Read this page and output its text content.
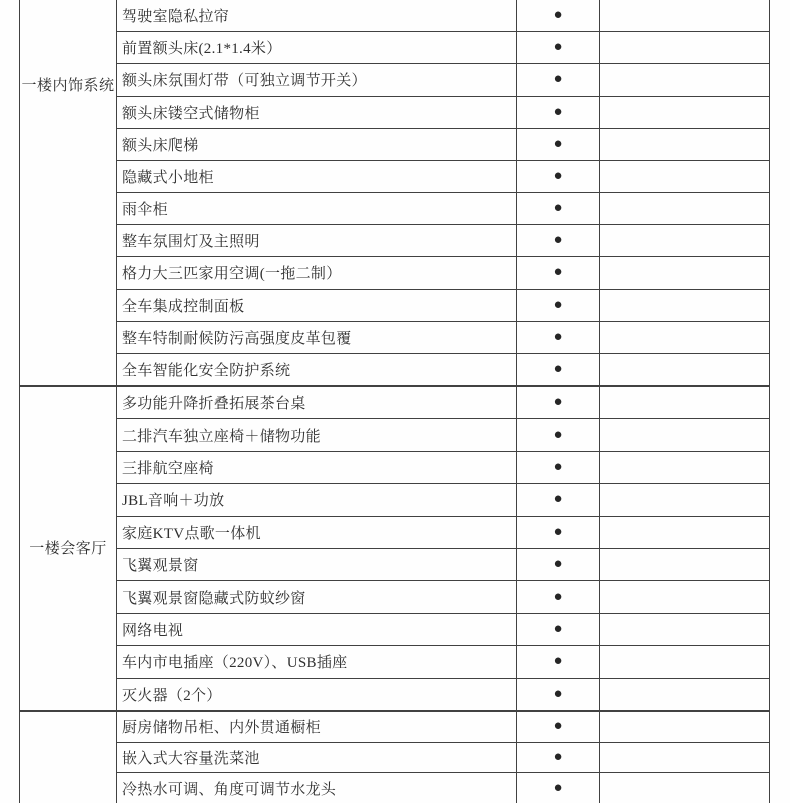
一楼内饰系统
驾驶室隐私拉帘	●
前置额头床(2.1*1.4米）	●
额头床氛围灯带（可独立调节开关）	●
额头床镂空式储物柜	●
额头床爬梯	●
隐藏式小地柜	●
雨伞柜	●
整车氛围灯及主照明	●
格力大三匹家用空调(一拖二制）	●
全车集成控制面板	●
整车特制耐候防污高强度皮革包覆	●
全车智能化安全防护系统	●
一楼会客厅
多功能升降折叠拓展茶台桌	●
二排汽车独立座椅＋储物功能	●
三排航空座椅	●
JBL音响＋功放	●
家庭KTV点歌一体机	●
飞翼观景窗	●
飞翼观景窗隐藏式防蚊纱窗	●
网络电视	●
车内市电插座（220V）、USB插座	●
灭火器（2个）	●
厨房储物吊柜、内外贯通橱柜	●
嵌入式大容量洗菜池	●
冷热水可调、角度可调节水龙头	●
